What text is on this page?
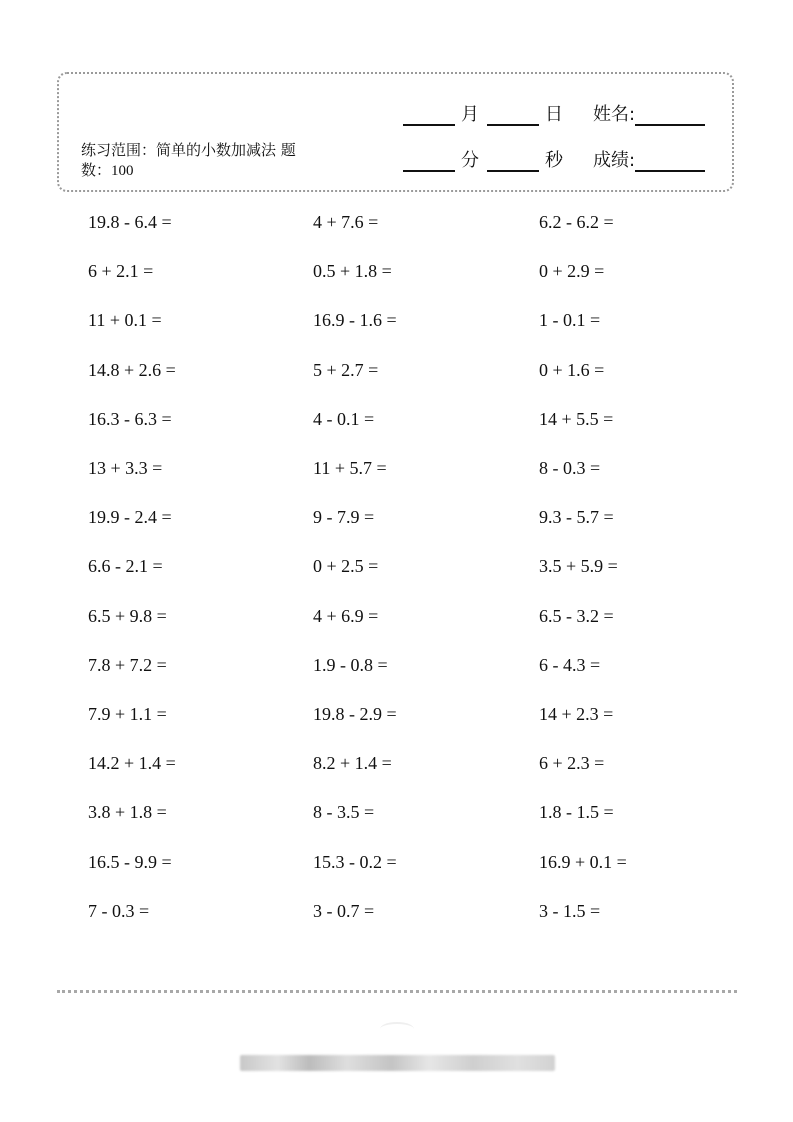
练习范围：简单的小数加减法 题数：100
月	日 姓名:
分	秒 成绩:
19.8 - 6.4 =	4 + 7.6 =	6.2 - 6.2 =
6 + 2.1 =	0.5 + 1.8 =	0 + 2.9 =
11 + 0.1 =	16.9 - 1.6 =	1 - 0.1 =
14.8 + 2.6 =	5 + 2.7 =	0 + 1.6 =
16.3 - 6.3 =	4 - 0.1 =	14 + 5.5 =
13 + 3.3 =	11 + 5.7 =	8 - 0.3 =
19.9 - 2.4 =	9 - 7.9 =	9.3 - 5.7 =
6.6 - 2.1 =	0 + 2.5 =	3.5 + 5.9 =
6.5 + 9.8 =	4 + 6.9 =	6.5 - 3.2 =
7.8 + 7.2 =	1.9 - 0.8 =	6 - 4.3 =
7.9 + 1.1 =	19.8 - 2.9 =	14 + 2.3 =
14.2 + 1.4 =	8.2 + 1.4 =	6 + 2.3 =
3.8 + 1.8 =	8 - 3.5 =	1.8 - 1.5 =
16.5 - 9.9 =	15.3 - 0.2 =	16.9 + 0.1 =
7 - 0.3 =	3 - 0.7 =	3 - 1.5 =
